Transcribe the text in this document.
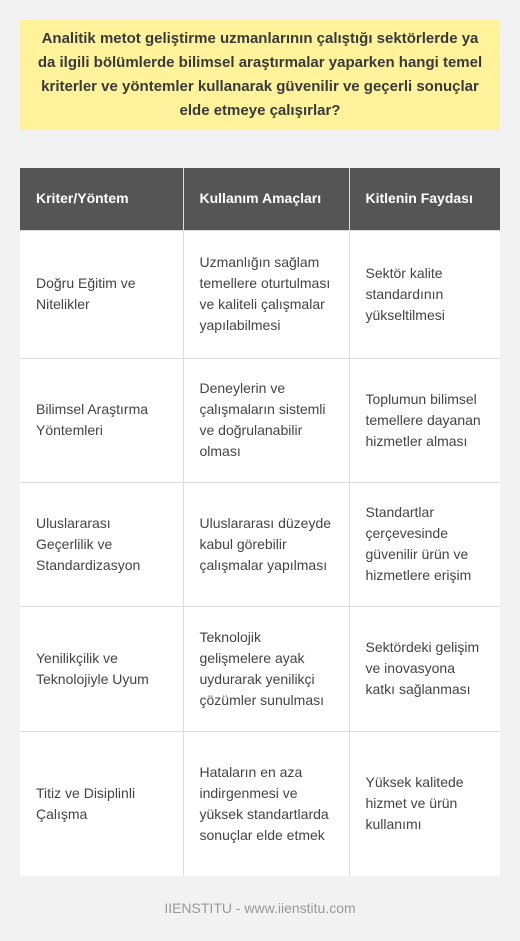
Analitik metot geliştirme uzmanlarının çalıştığı sektörlerde ya da ilgili bölümlerde bilimsel araştırmalar yaparken hangi temel kriterler ve yöntemler kullanarak güvenilir ve geçerli sonuçlar elde etmeye çalışırlar?

Kriter/Yöntem	Kullanım Amaçları	Kitlenin Faydası
Doğru Eğitim ve Nitelikler	Uzmanlığın sağlam temellere oturtulması ve kaliteli çalışmalar yapılabilmesi	Sektör kalite standardının yükseltilmesi
Bilimsel Araştırma Yöntemleri	Deneylerin ve çalışmaların sistemli ve doğrulanabilir olması	Toplumun bilimsel temellere dayanan hizmetler alması
Uluslararası Geçerlilik ve Standardizasyon	Uluslararası düzeyde kabul görebilir çalışmalar yapılması	Standartlar çerçevesinde güvenilir ürün ve hizmetlere erişim
Yenilikçilik ve Teknolojiyle Uyum	Teknolojik gelişmelere ayak uydurarak yenilikçi çözümler sunulması	Sektördeki gelişim ve inovasyona katkı sağlanması
Titiz ve Disiplinli Çalışma	Hataların en aza indirgenmesi ve yüksek standartlarda sonuçlar elde etmek	Yüksek kalitede hizmet ve ürün kullanımı
IIENSTITU - www.iienstitu.com
